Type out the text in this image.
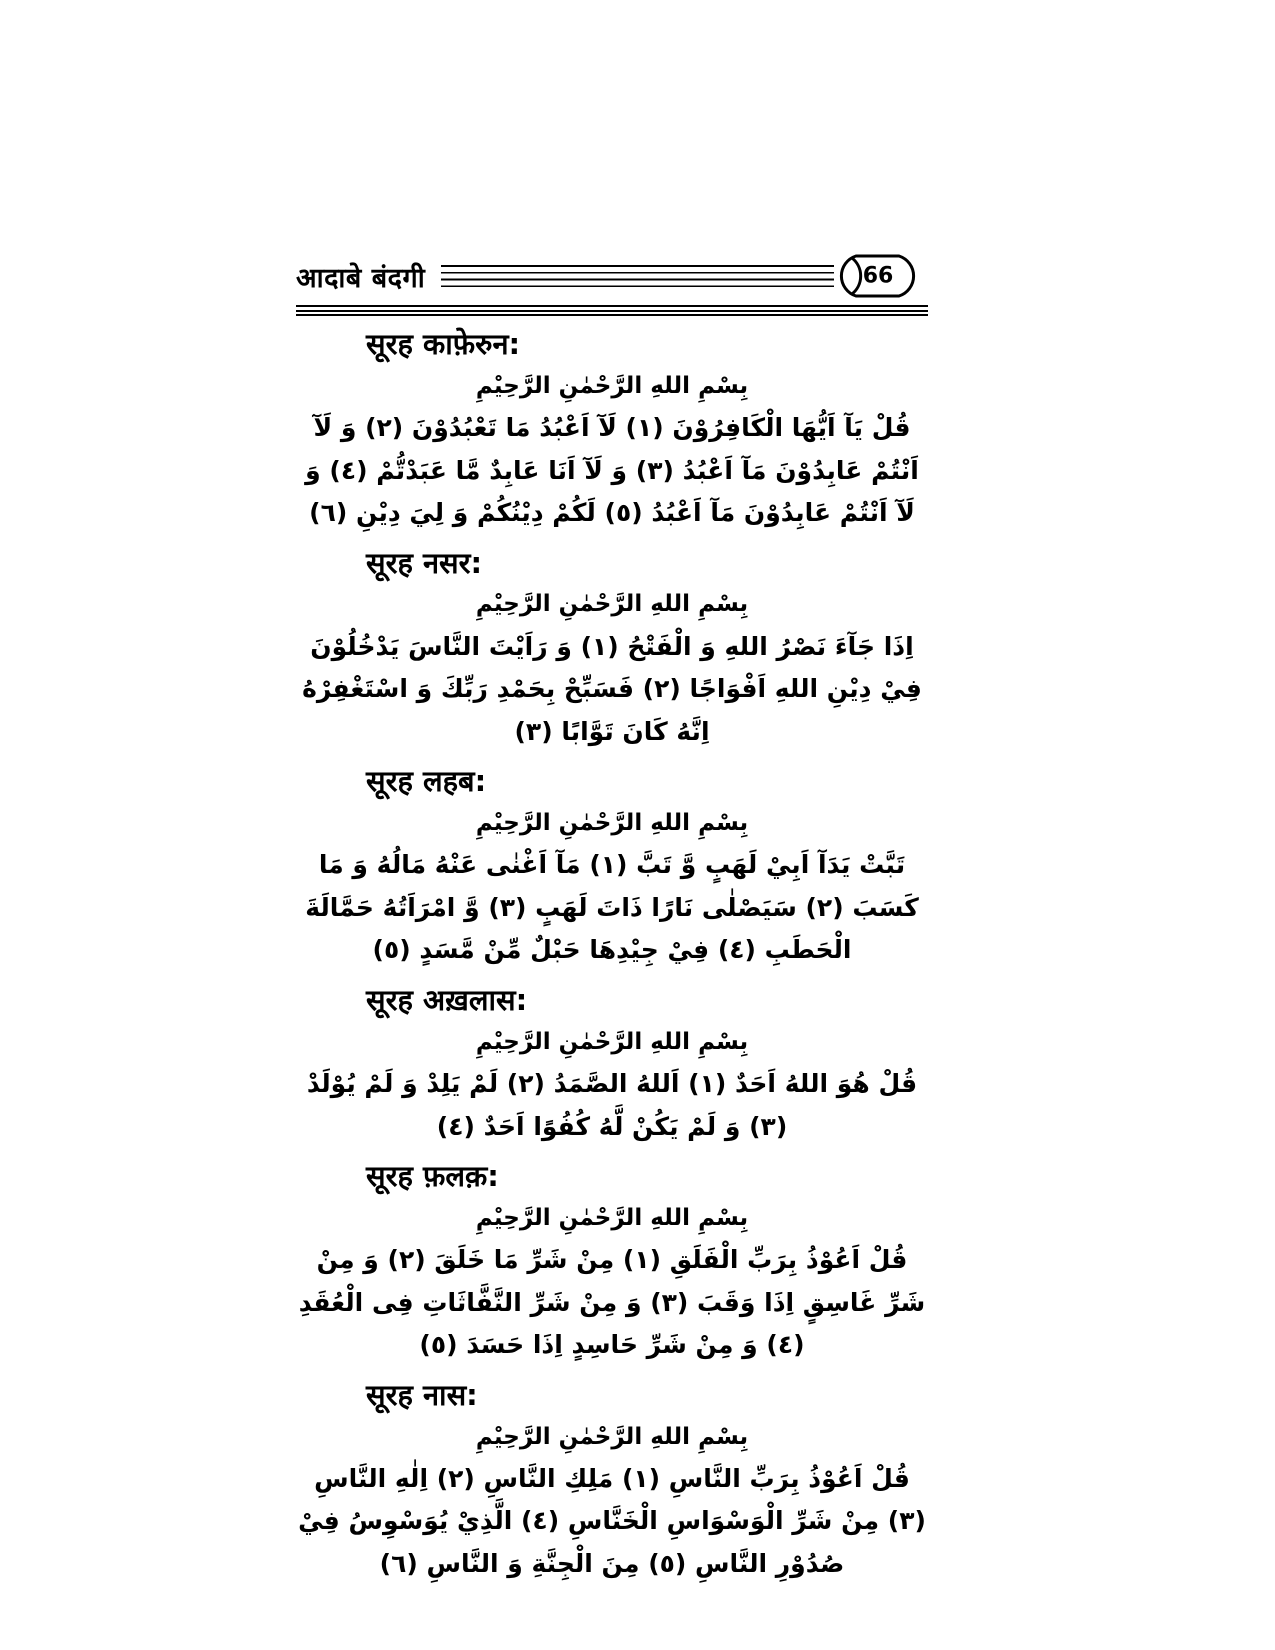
आदाबे बंदगी	66
सूरह काफ़ेरुन:

بِسْمِ اللهِ الرَّحْمٰنِ الرَّحِيْمِ

قُلْ يَآ اَيُّهَا الْكَافِرُوْنَ (١) لَآ اَعْبُدُ مَا تَعْبُدُوْنَ (٢) وَ لَآ اَنْتُمْ عَابِدُوْنَ مَآ اَعْبُدُ (٣) وَ لَآ اَنَا عَابِدٌ مَّا عَبَدْتُّمْ (٤) وَ لَآ اَنْتُمْ عَابِدُوْنَ مَآ اَعْبُدُ (٥) لَكُمْ دِيْنُكُمْ وَ لِيَ دِيْنِ (٦)

सूरह नसर:

بِسْمِ اللهِ الرَّحْمٰنِ الرَّحِيْمِ

اِذَا جَآءَ نَصْرُ اللهِ وَ الْفَتْحُ (١) وَ رَاَيْتَ النَّاسَ يَدْخُلُوْنَ فِيْ دِيْنِ اللهِ اَفْوَاجًا (٢) فَسَبِّحْ بِحَمْدِ رَبِّكَ وَ اسْتَغْفِرْهُ اِنَّهُ كَانَ تَوَّابًا (٣)

सूरह लहब:

بِسْمِ اللهِ الرَّحْمٰنِ الرَّحِيْمِ

تَبَّتْ يَدَآ اَبِيْ لَهَبٍ وَّ تَبَّ (١) مَآ اَغْنٰى عَنْهُ مَالُهُ وَ مَا كَسَبَ (٢) سَيَصْلٰى نَارًا ذَاتَ لَهَبٍ (٣) وَّ امْرَاَتُهُ حَمَّالَةَ الْحَطَبِ (٤) فِيْ جِيْدِهَا حَبْلٌ مِّنْ مَّسَدٍ (٥)

सूरह अख़लास:

بِسْمِ اللهِ الرَّحْمٰنِ الرَّحِيْمِ

قُلْ هُوَ اللهُ اَحَدٌ (١) اَللهُ الصَّمَدُ (٢) لَمْ يَلِدْ وَ لَمْ يُوْلَدْ (٣) وَ لَمْ يَكُنْ لَّهُ كُفُوًا اَحَدٌ (٤)

सूरह फ़लक़:

بِسْمِ اللهِ الرَّحْمٰنِ الرَّحِيْمِ

قُلْ اَعُوْذُ بِرَبِّ الْفَلَقِ (١) مِنْ شَرِّ مَا خَلَقَ (٢) وَ مِنْ شَرِّ غَاسِقٍ اِذَا وَقَبَ (٣) وَ مِنْ شَرِّ النَّفَّاثَاتِ فِى الْعُقَدِ (٤) وَ مِنْ شَرِّ حَاسِدٍ اِذَا حَسَدَ (٥)

सूरह नास:

بِسْمِ اللهِ الرَّحْمٰنِ الرَّحِيْمِ

قُلْ اَعُوْذُ بِرَبِّ النَّاسِ (١) مَلِكِ النَّاسِ (٢) اِلٰهِ النَّاسِ (٣) مِنْ شَرِّ الْوَسْوَاسِ الْخَنَّاسِ (٤) الَّذِيْ يُوَسْوِسُ فِيْ صُدُوْرِ النَّاسِ (٥) مِنَ الْجِنَّةِ وَ النَّاسِ (٦)
